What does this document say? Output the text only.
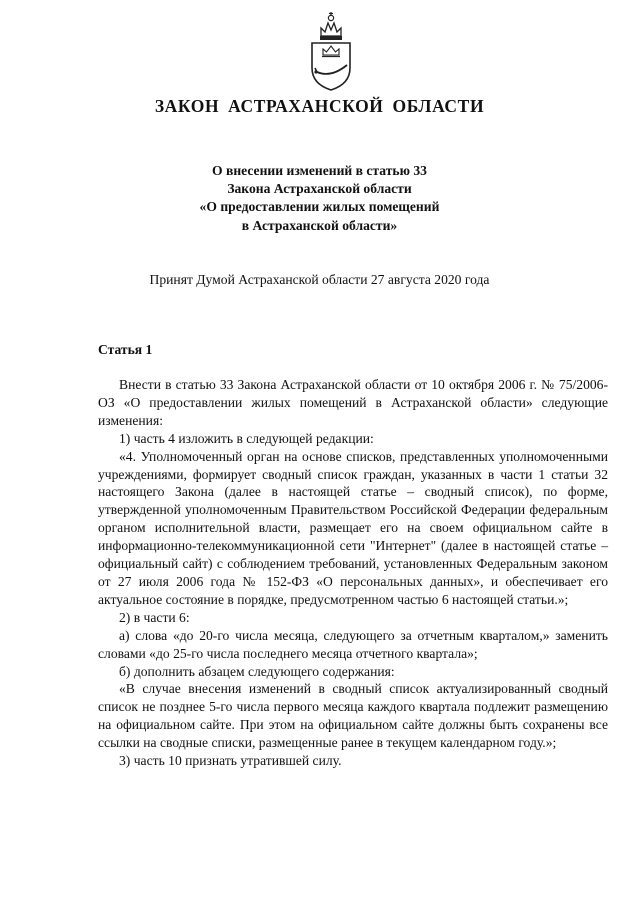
ЗАКОН АСТРАХАНСКОЙ ОБЛАСТИ
О внесении изменений в статью 33
Закона Астраханской области
«О предоставлении жилых помещений
в Астраханской области»
Принят Думой Астраханской области 27 августа 2020 года
Статья 1

Внести в статью 33 Закона Астраханской области от 10 октября 2006 г. № 75/2006-ОЗ «О предоставлении жилых помещений в Астраханской области» следующие изменения:

1) часть 4 изложить в следующей редакции:

«4. Уполномоченный орган на основе списков, представленных уполномоченными учреждениями, формирует сводный список граждан, указанных в части 1 статьи 32 настоящего Закона (далее в настоящей статье – сводный список), по форме, утвержденной уполномоченным Правительством Российской Федерации федеральным органом исполнительной власти, размещает его на своем официальном сайте в информационно-телекоммуникационной сети "Интернет" (далее в настоящей статье – официальный сайт) с соблюдением требований, установленных Федеральным законом от 27 июля 2006 года № 152-ФЗ «О персональных данных», и обеспечивает его актуальное состояние в порядке, предусмотренном частью 6 настоящей статьи.»;

2) в части 6:

а) слова «до 20-го числа месяца, следующего за отчетным кварталом,» заменить словами «до 25-го числа последнего месяца отчетного квартала»;

б) дополнить абзацем следующего содержания:

«В случае внесения изменений в сводный список актуализированный сводный список не позднее 5-го числа первого месяца каждого квартала подлежит размещению на официальном сайте. При этом на официальном сайте должны быть сохранены все ссылки на сводные списки, размещенные ранее в текущем календарном году.»;

3) часть 10 признать утратившей силу.
